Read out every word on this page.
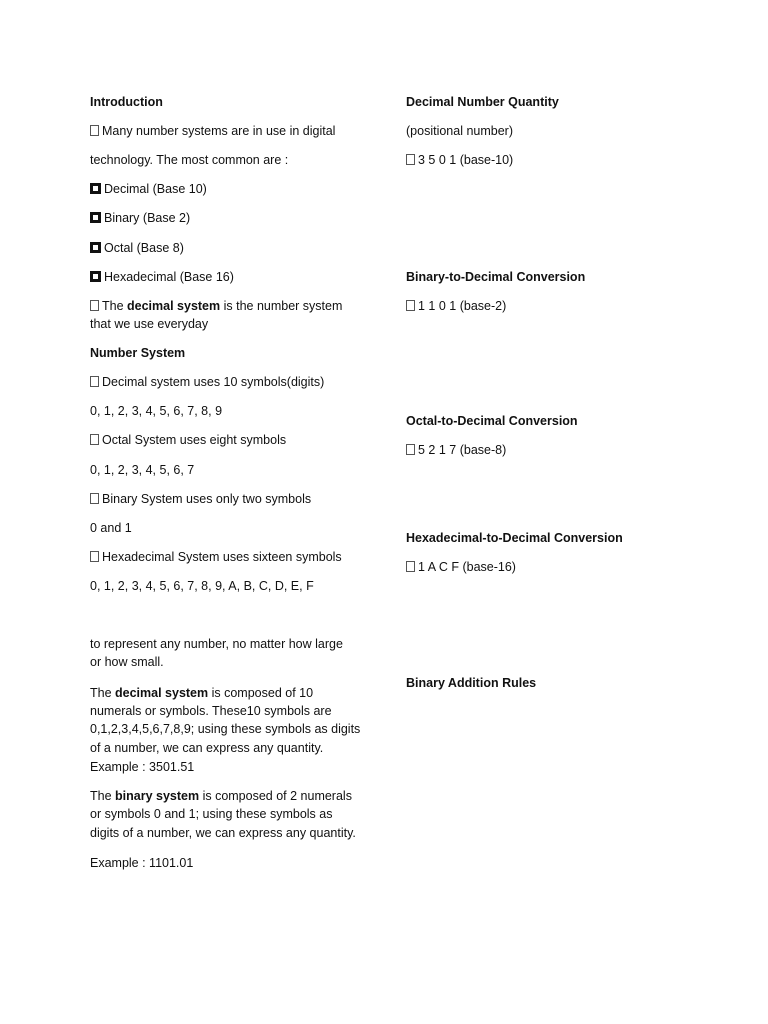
Introduction

Many number systems are in use in digital

technology. The most common are :

Decimal (Base 10)

Binary (Base 2)

Octal (Base 8)

Hexadecimal (Base 16)

The decimal system is the number system

that we use everyday

Number System

Decimal system uses 10 symbols(digits)

0, 1, 2, 3, 4, 5, 6, 7, 8, 9

Octal System uses eight symbols

0, 1, 2, 3, 4, 5, 6, 7

Binary System uses only two symbols

0 and 1

Hexadecimal System uses sixteen symbols

0, 1, 2, 3, 4, 5, 6, 7, 8, 9, A, B, C, D, E, F

to represent any number, no matter how large

or how small.

The decimal system is composed of 10

numerals or symbols. These10 symbols are

0,1,2,3,4,5,6,7,8,9; using these symbols as digits

of a number, we can express any quantity.

Example : 3501.51

The binary system is composed of 2 numerals

or symbols 0 and 1; using these symbols as

digits of a number, we can express any quantity.

Example : 1101.01

Decimal Number Quantity

(positional number)

3 5 0 1 (base-10)

Binary-to-Decimal Conversion

1 1 0 1 (base-2)

Octal-to-Decimal Conversion

5 2 1 7 (base-8)

Hexadecimal-to-Decimal Conversion

1 A C F (base-16)

Binary Addition Rules
